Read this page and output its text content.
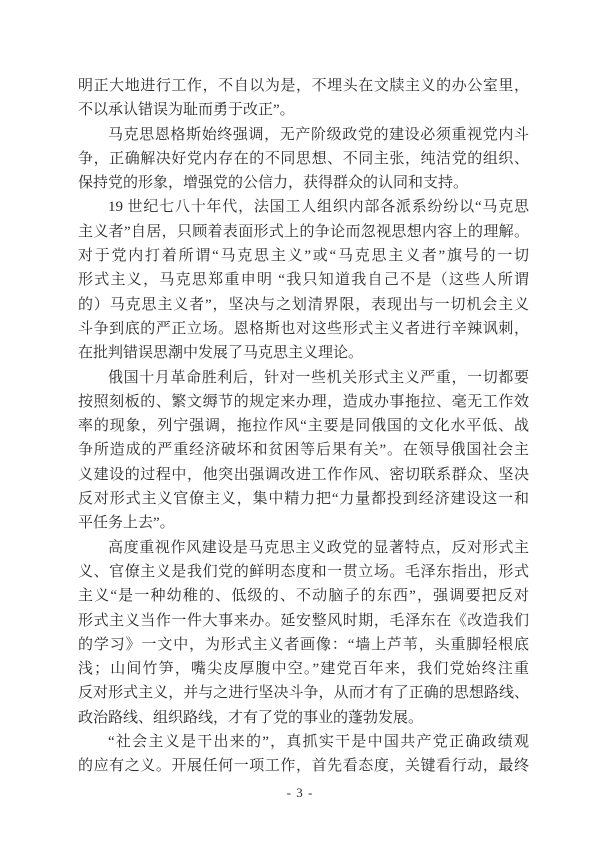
明正大地进行工作，不自以为是，不埋头在文牍主义的办公室里，
不以承认错误为耻而勇于改正”。
马克思恩格斯始终强调，无产阶级政党的建设必须重视党内斗
争，正确解决好党内存在的不同思想、不同主张，纯洁党的组织、
保持党的形象，增强党的公信力，获得群众的认同和支持。
19 世纪七八十年代，法国工人组织内部各派系纷纷以“马克思
主义者”自居，只顾着表面形式上的争论而忽视思想内容上的理解。
对于党内打着所谓“马克思主义”或“马克思主义者”旗号的一切
形式主义，马克思郑重申明 “我只知道我自己不是（这些人所谓
的）马克思主义者”，坚决与之划清界限，表现出与一切机会主义
斗争到底的严正立场。恩格斯也对这些形式主义者进行辛辣讽刺，
在批判错误思潮中发展了马克思主义理论。
俄国十月革命胜利后，针对一些机关形式主义严重，一切都要
按照刻板的、繁文缛节的规定来办理，造成办事拖拉、毫无工作效
率的现象，列宁强调，拖拉作风“主要是同俄国的文化水平低、战
争所造成的严重经济破坏和贫困等后果有关”。在领导俄国社会主
义建设的过程中，他突出强调改进工作作风、密切联系群众、坚决
反对形式主义官僚主义，集中精力把“力量都投到经济建设这一和
平任务上去”。
高度重视作风建设是马克思主义政党的显著特点，反对形式主
义、官僚主义是我们党的鲜明态度和一贯立场。毛泽东指出，形式
主义“是一种幼稚的、低级的、不动脑子的东西”，强调要把反对
形式主义当作一件大事来办。延安整风时期，毛泽东在《改造我们
的学习》一文中，为形式主义者画像：“墙上芦苇，头重脚轻根底
浅；山间竹笋，嘴尖皮厚腹中空。”建党百年来，我们党始终注重
反对形式主义，并与之进行坚决斗争，从而才有了正确的思想路线、
政治路线、组织路线，才有了党的事业的蓬勃发展。
“社会主义是干出来的”，真抓实干是中国共产党正确政绩观
的应有之义。开展任何一项工作，首先看态度，关键看行动，最终
- 3 -
